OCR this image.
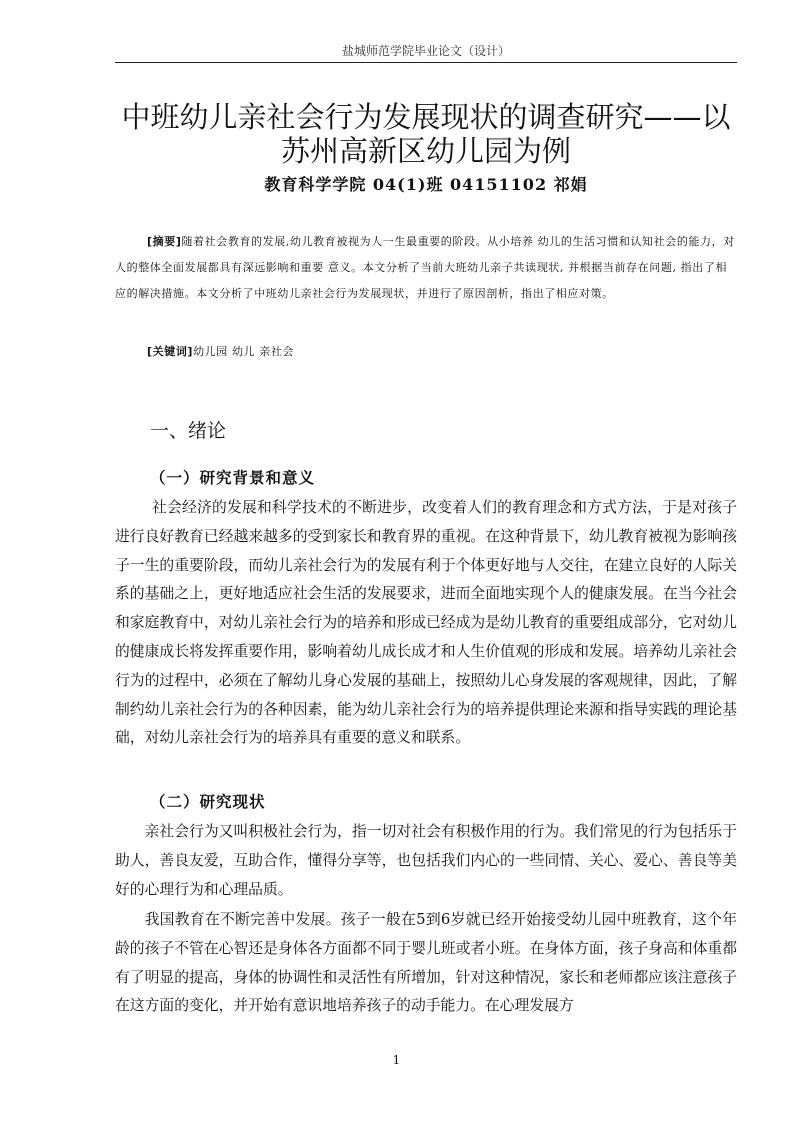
盐城师范学院毕业论文（设计）
中班幼儿亲社会行为发展现状的调查研究——以
苏州高新区幼儿园为例
教育科学学院 04(1)班 04151102 祁娟
[摘要]随着社会教育的发展,幼儿教育被视为人一生最重要的阶段。从小培养 幼儿的生活习惯和认知社会的能力，对人的整体全面发展都具有深远影响和重要 意义。本文分析了当前大班幼儿亲子共读现状, 并根据当前存在问题, 指出了相应的解决措施。本文分析了中班幼儿亲社会行为发展现状，并进行了原因剖析，指出了相应对策。
[关键词]幼儿园 幼儿 亲社会
一、绪论
（一）研究背景和意义

社会经济的发展和科学技术的不断进步，改变着人们的教育理念和方式方法，于是对孩子进行良好教育已经越来越多的受到家长和教育界的重视。在这种背景下，幼儿教育被视为影响孩子一生的重要阶段，而幼儿亲社会行为的发展有利于个体更好地与人交往，在建立良好的人际关系的基础之上，更好地适应社会生活的发展要求，进而全面地实现个人的健康发展。在当今社会和家庭教育中，对幼儿亲社会行为的培养和形成已经成为是幼儿教育的重要组成部分，它对幼儿的健康成长将发挥重要作用，影响着幼儿成长成才和人生价值观的形成和发展。培养幼儿亲社会行为的过程中，必须在了解幼儿身心发展的基础上，按照幼儿心身发展的客观规律，因此，了解制约幼儿亲社会行为的各种因素，能为幼儿亲社会行为的培养提供理论来源和指导实践的理论基础，对幼儿亲社会行为的培养具有重要的意义和联系。

（二）研究现状

亲社会行为又叫积极社会行为，指一切对社会有积极作用的行为。我们常见的行为包括乐于助人，善良友爱，互助合作，懂得分享等，也包括我们内心的一些同情、关心、爱心、善良等美好的心理行为和心理品质。

我国教育在不断完善中发展。孩子一般在5到6岁就已经开始接受幼儿园中班教育，这个年龄的孩子不管在心智还是身体各方面都不同于婴儿班或者小班。在身体方面，孩子身高和体重都有了明显的提高，身体的协调性和灵活性有所增加，针对这种情况，家长和老师都应该注意孩子在这方面的变化，并开始有意识地培养孩子的动手能力。在心理发展方

1
